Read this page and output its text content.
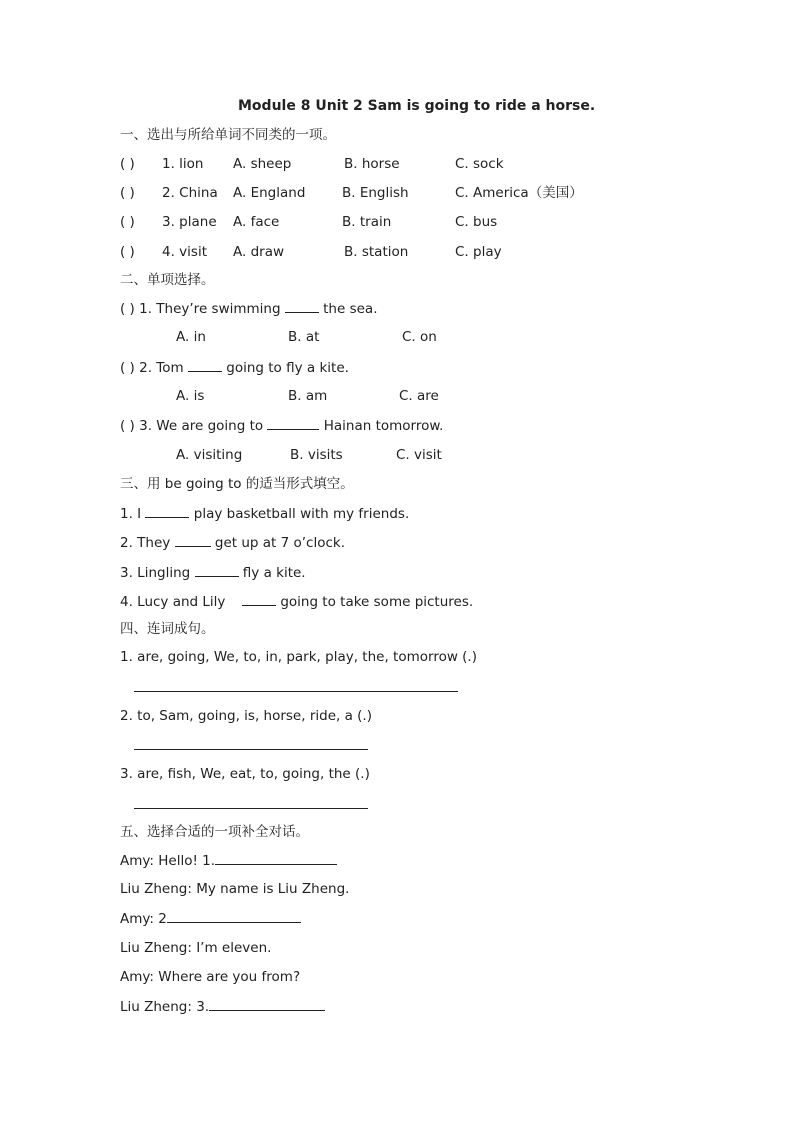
Module 8 Unit 2 Sam is going to ride a horse.
一、选出与所给单词不同类的一项。
( ) 1. lion A. sheep	B. horse	C. sock
( ) 2. China A. England	B. English	C. America（美国）
( ) 3. plane A. face	B. train	C. bus
( ) 4. visit A. draw	B. station	C. play
二、单项选择。
( ) 1. They’re swimming	the sea.
A. in	B. at	C. on
( ) 2. Tom	going to fly a kite.
A. is	B. am	C. are
( ) 3. We are going to	Hainan tomorrow.
A. visiting	B. visits	C. visit
三、用 be going to 的适当形式填空。
1. I	play basketball with my friends.
2. They	get up at 7 o’clock.
3. Lingling	fly a kite.
4. Lucy and Lily	going to take some pictures.
四、连词成句。
1. are, going, We, to, in, park, play, the, tomorrow (.)
2. to, Sam, going, is, horse, ride, a (.)
3. are, fish, We, eat, to, going, the (.)
五、选择合适的一项补全对话。
Amy: Hello! 1.
Liu Zheng: My name is Liu Zheng.
Amy: 2
Liu Zheng: I’m eleven.
Amy: Where are you from?
Liu Zheng: 3.
